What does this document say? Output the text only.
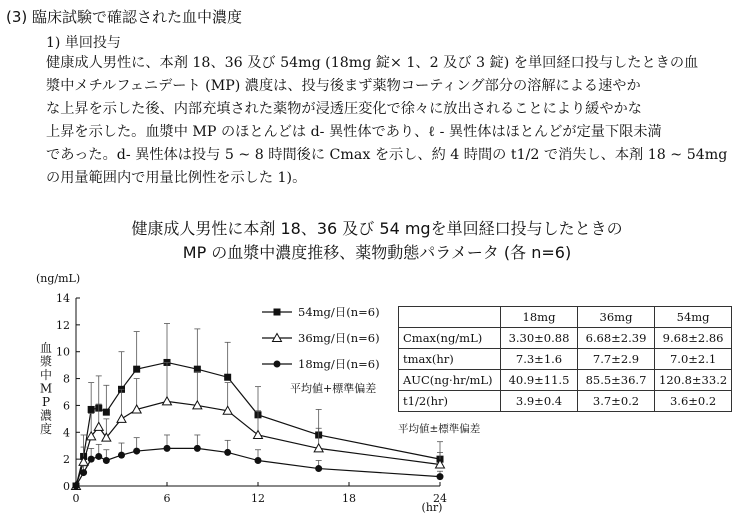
(3) 臨床試験で確認された血中濃度
1) 単回投与
健康成人男性に、本剤 18、36 及び 54mg (18mg 錠× 1、2 及び 3 錠) を単回経口投与したときの血
漿中メチルフェニデート (MP) 濃度は、投与後まず薬物コーティング部分の溶解による速やか
な上昇を示した後、内部充填された薬物が浸透圧変化で徐々に放出されることにより緩やかな
上昇を示した。血漿中 MP のほとんどは d- 異性体であり、ℓ - 異性体はほとんどが定量下限未満
であった。d- 異性体は投与 5 ~ 8 時間後に Cmax を示し、約 4 時間の t1/2 で消失し、本剤 18 ~ 54mg
の用量範囲内で用量比例性を示した 1)。
健康成人男性に本剤 18、36 及び 54 mgを単回経口投与したときの
MP の血漿中濃度推移、薬物動態パラメータ (各 n=6)
0
2
4
6
8
10
12
14
0	6	12	18	24
(ng/mL)
(hr)
血
漿
中
M
P
濃
度
54mg/日(n=6)
36mg/日(n=6)
18mg/日(n=6)
平均値+標準偏差
	18mg	36mg	54mg
Cmax(ng/mL)	3.30±0.88	6.68±2.39	9.68±2.86
tmax(hr)	7.3±1.6	7.7±2.9	7.0±2.1
AUC(ng·hr/mL)	40.9±11.5	85.5±36.7	120.8±33.2
t1/2(hr)	3.9±0.4	3.7±0.2	3.6±0.2
平均値±標準偏差
